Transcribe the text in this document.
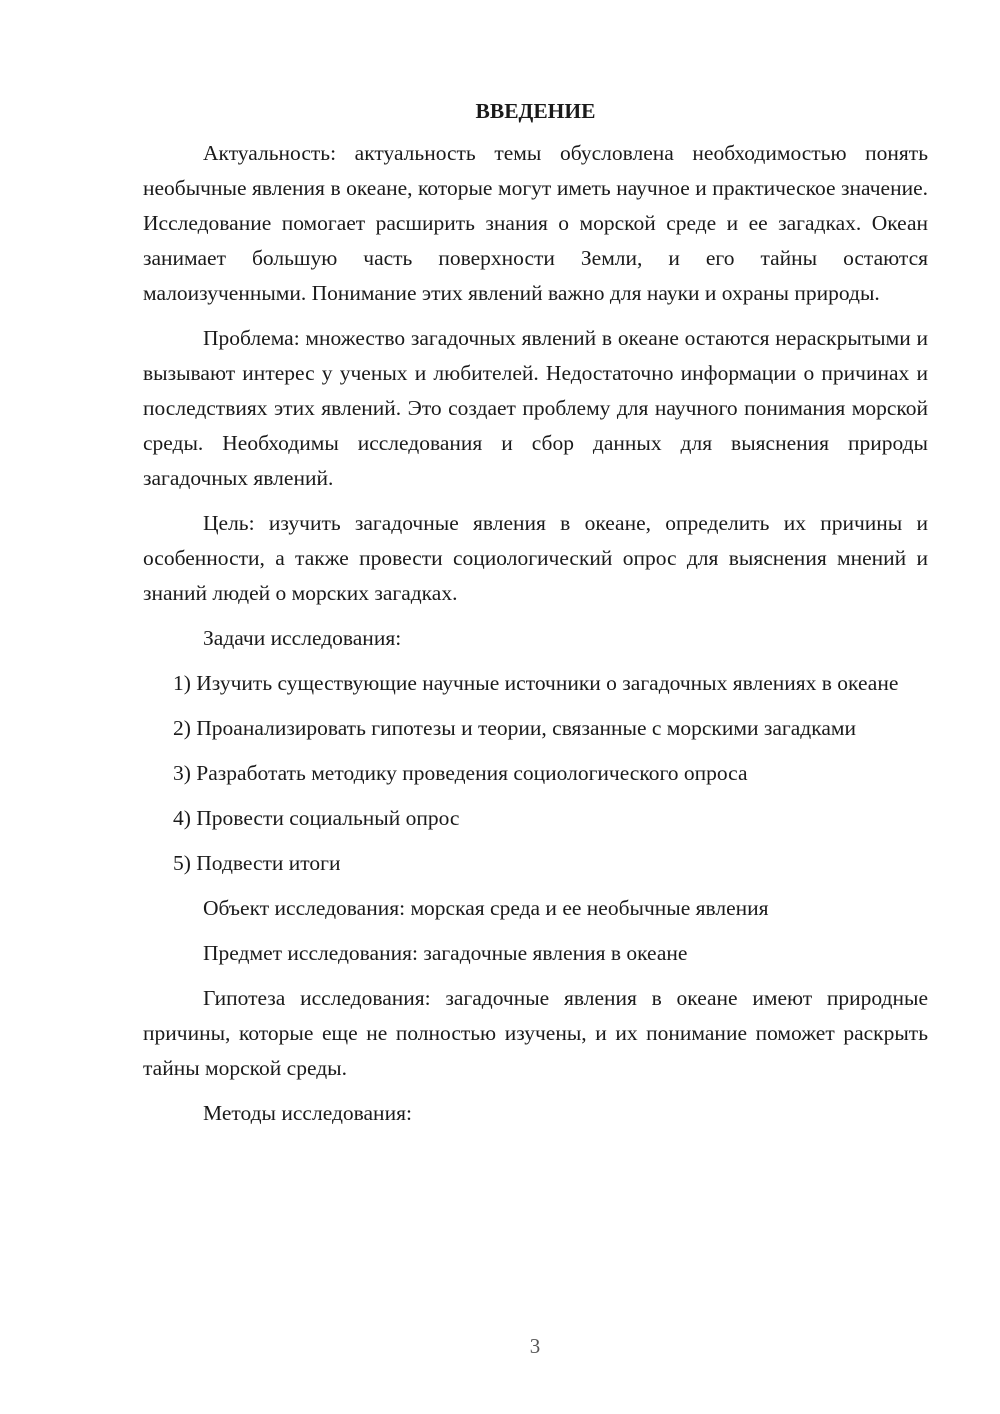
ВВЕДЕНИЕ

Актуальность: актуальность темы обусловлена необходимостью понять необычные явления в океане, которые могут иметь научное и практическое значение. Исследование помогает расширить знания о морской среде и ее загадках. Океан занимает большую часть поверхности Земли, и его тайны остаются малоизученными. Понимание этих явлений важно для науки и охраны природы.

Проблема: множество загадочных явлений в океане остаются нераскрытыми и вызывают интерес у ученых и любителей. Недостаточно информации о причинах и последствиях этих явлений. Это создает проблему для научного понимания морской среды. Необходимы исследования и сбор данных для выяснения природы загадочных явлений.

Цель: изучить загадочные явления в океане, определить их причины и особенности, а также провести социологический опрос для выяснения мнений и знаний людей о морских загадках.

Задачи исследования:

1) Изучить существующие научные источники о загадочных явлениях в океане

2) Проанализировать гипотезы и теории, связанные с морскими загадками

3) Разработать методику проведения социологического опроса

4) Провести социальный опрос

5) Подвести итоги

Объект исследования: морская среда и ее необычные явления

Предмет исследования: загадочные явления в океане

Гипотеза исследования: загадочные явления в океане имеют природные причины, которые еще не полностью изучены, и их понимание поможет раскрыть тайны морской среды.

Методы исследования:

3
